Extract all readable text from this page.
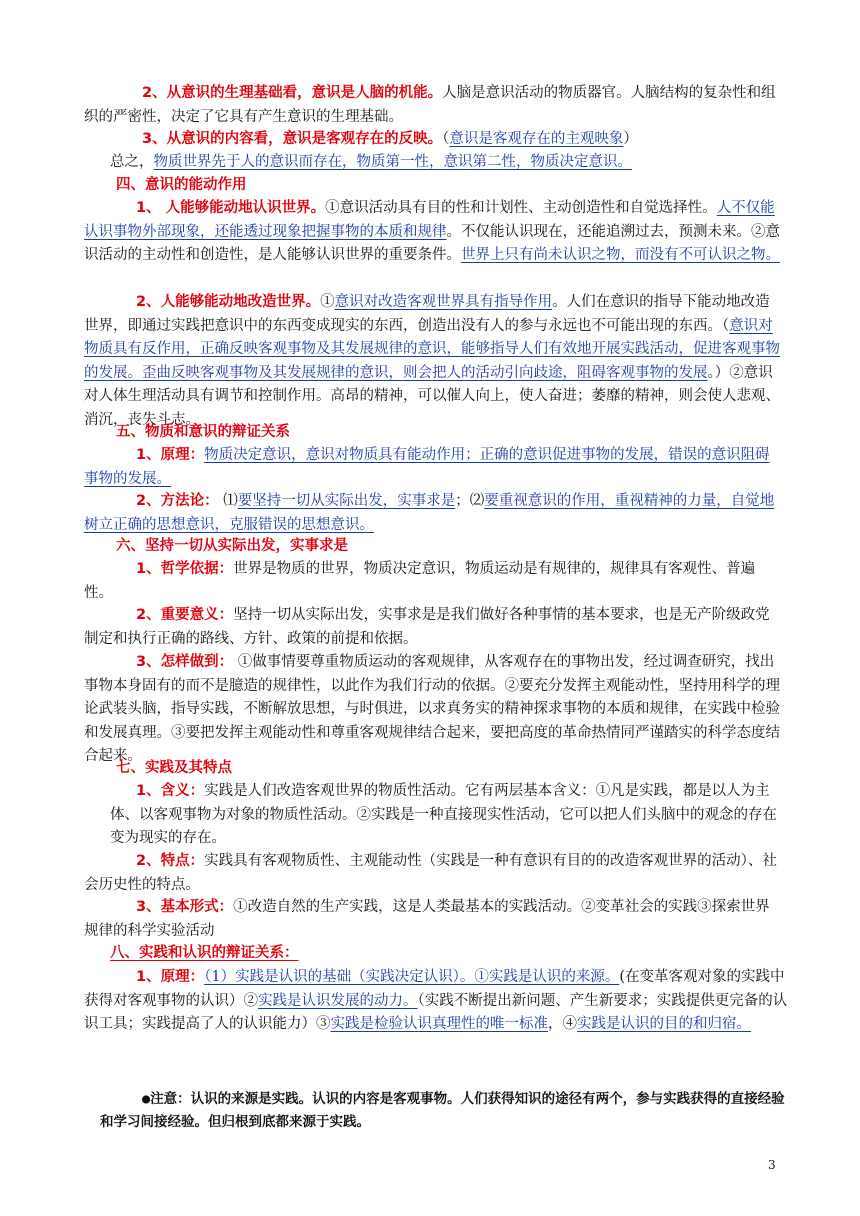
2、从意识的生理基础看，意识是人脑的机能。人脑是意识活动的物质器官。人脑结构的复杂性和组织的严密性，决定了它具有产生意识的生理基础。

3、从意识的内容看，意识是客观存在的反映。（意识是客观存在的主观映象）

总之，物质世界先于人的意识而存在，物质第一性，意识第二性，物质决定意识。

四、意识的能动作用

1、 人能够能动地认识世界。①意识活动具有目的性和计划性、主动创造性和自觉选择性。人不仅能认识事物外部现象，还能透过现象把握事物的本质和规律。不仅能认识现在，还能追溯过去，预测未来。②意识活动的主动性和创造性，是人能够认识世界的重要条件。世界上只有尚未认识之物，而没有不可认识之物。

2、人能够能动地改造世界。①意识对改造客观世界具有指导作用。人们在意识的指导下能动地改造世界，即通过实践把意识中的东西变成现实的东西，创造出没有人的参与永远也不可能出现的东西。（意识对物质具有反作用，正确反映客观事物及其发展规律的意识，能够指导人们有效地开展实践活动，促进客观事物的发展。歪曲反映客观事物及其发展规律的意识，则会把人的活动引向歧途，阻碍客观事物的发展。）②意识对人体生理活动具有调节和控制作用。高昂的精神，可以催人向上，使人奋进；萎靡的精神，则会使人悲观、消沉，丧失斗志。

五、物质和意识的辩证关系

1、原理：物质决定意识，意识对物质具有能动作用；正确的意识促进事物的发展，错误的意识阻碍事物的发展。

2、方法论： ⑴要坚持一切从实际出发，实事求是；⑵要重视意识的作用，重视精神的力量，自觉地树立正确的思想意识，克服错误的思想意识。

六、坚持一切从实际出发，实事求是

1、哲学依据：世界是物质的世界，物质决定意识，物质运动是有规律的，规律具有客观性、普遍性。

2、重要意义：坚持一切从实际出发，实事求是是我们做好各种事情的基本要求，也是无产阶级政党制定和执行正确的路线、方针、政策的前提和依据。

3、怎样做到： ①做事情要尊重物质运动的客观规律，从客观存在的事物出发，经过调查研究，找出事物本身固有的而不是臆造的规律性，以此作为我们行动的依据。②要充分发挥主观能动性，坚持用科学的理论武装头脑，指导实践，不断解放思想，与时俱进，以求真务实的精神探求事物的本质和规律，在实践中检验和发展真理。③要把发挥主观能动性和尊重客观规律结合起来，要把高度的革命热情同严谨踏实的科学态度结合起来。

七、实践及其特点

1、含义：实践是人们改造客观世界的物质性活动。它有两层基本含义：①凡是实践，都是以人为主体、以客观事物为对象的物质性活动。②实践是一种直接现实性活动，它可以把人们头脑中的观念的存在变为现实的存在。

2、特点：实践具有客观物质性、主观能动性（实践是一种有意识有目的的改造客观世界的活动）、社会历史性的特点。

3、基本形式：①改造自然的生产实践，这是人类最基本的实践活动。②变革社会的实践③探索世界规律的科学实验活动

八、实践和认识的辩证关系：

1、原理：（1）实践是认识的基础（实践决定认识）。①实践是认识的来源。(在变革客观对象的实践中获得对客观事物的认识）②实践是认识发展的动力。（实践不断提出新问题、产生新要求；实践提供更完备的认识工具；实践提高了人的认识能力）③实践是检验认识真理性的唯一标准，④实践是认识的目的和归宿。

●注意：认识的来源是实践。认识的内容是客观事物。人们获得知识的途径有两个，参与实践获得的直接经验和学习间接经验。但归根到底都来源于实践。

3
